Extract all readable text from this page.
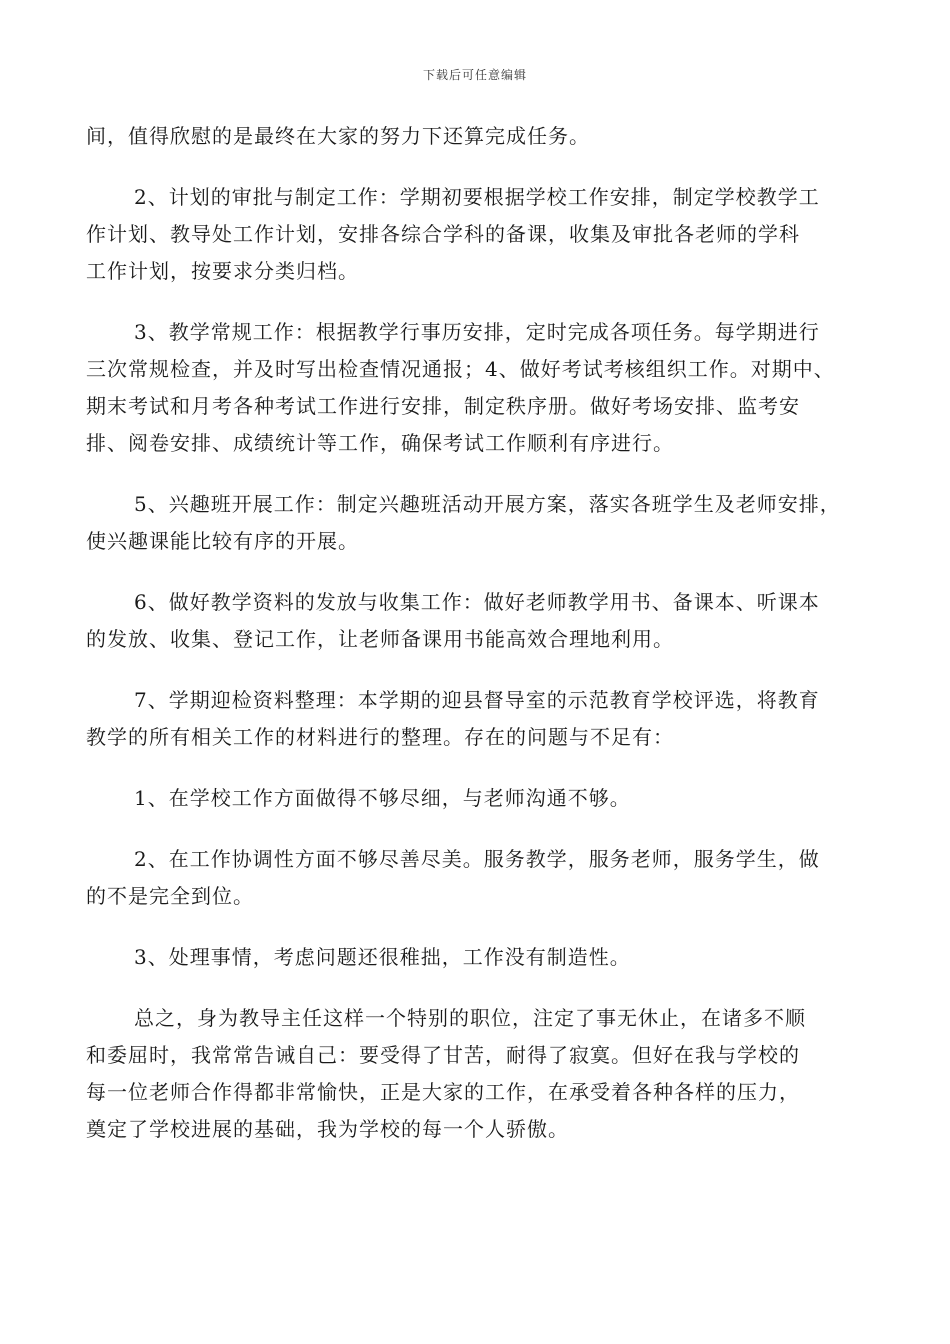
下载后可任意编辑
间，值得欣慰的是最终在大家的努力下还算完成任务。
2、计划的审批与制定工作：学期初要根据学校工作安排，制定学校教学工
作计划、教导处工作计划，安排各综合学科的备课，收集及审批各老师的学科
工作计划，按要求分类归档。
3、教学常规工作：根据教学行事历安排，定时完成各项任务。每学期进行
三次常规检查，并及时写出检查情况通报；4、做好考试考核组织工作。对期中、
期末考试和月考各种考试工作进行安排，制定秩序册。做好考场安排、监考安
排、阅卷安排、成绩统计等工作，确保考试工作顺利有序进行。
5、兴趣班开展工作：制定兴趣班活动开展方案，落实各班学生及老师安排，
使兴趣课能比较有序的开展。
6、做好教学资料的发放与收集工作：做好老师教学用书、备课本、听课本
的发放、收集、登记工作，让老师备课用书能高效合理地利用。
7、学期迎检资料整理：本学期的迎县督导室的示范教育学校评选，将教育
教学的所有相关工作的材料进行的整理。存在的问题与不足有：
1、在学校工作方面做得不够尽细，与老师沟通不够。
2、在工作协调性方面不够尽善尽美。服务教学，服务老师，服务学生，做
的不是完全到位。
3、处理事情，考虑问题还很稚拙，工作没有制造性。
总之，身为教导主任这样一个特别的职位，注定了事无休止，在诸多不顺
和委屈时，我常常告诫自己：要受得了甘苦，耐得了寂寞。但好在我与学校的
每一位老师合作得都非常愉快，正是大家的工作，在承受着各种各样的压力，
奠定了学校进展的基础，我为学校的每一个人骄傲。
